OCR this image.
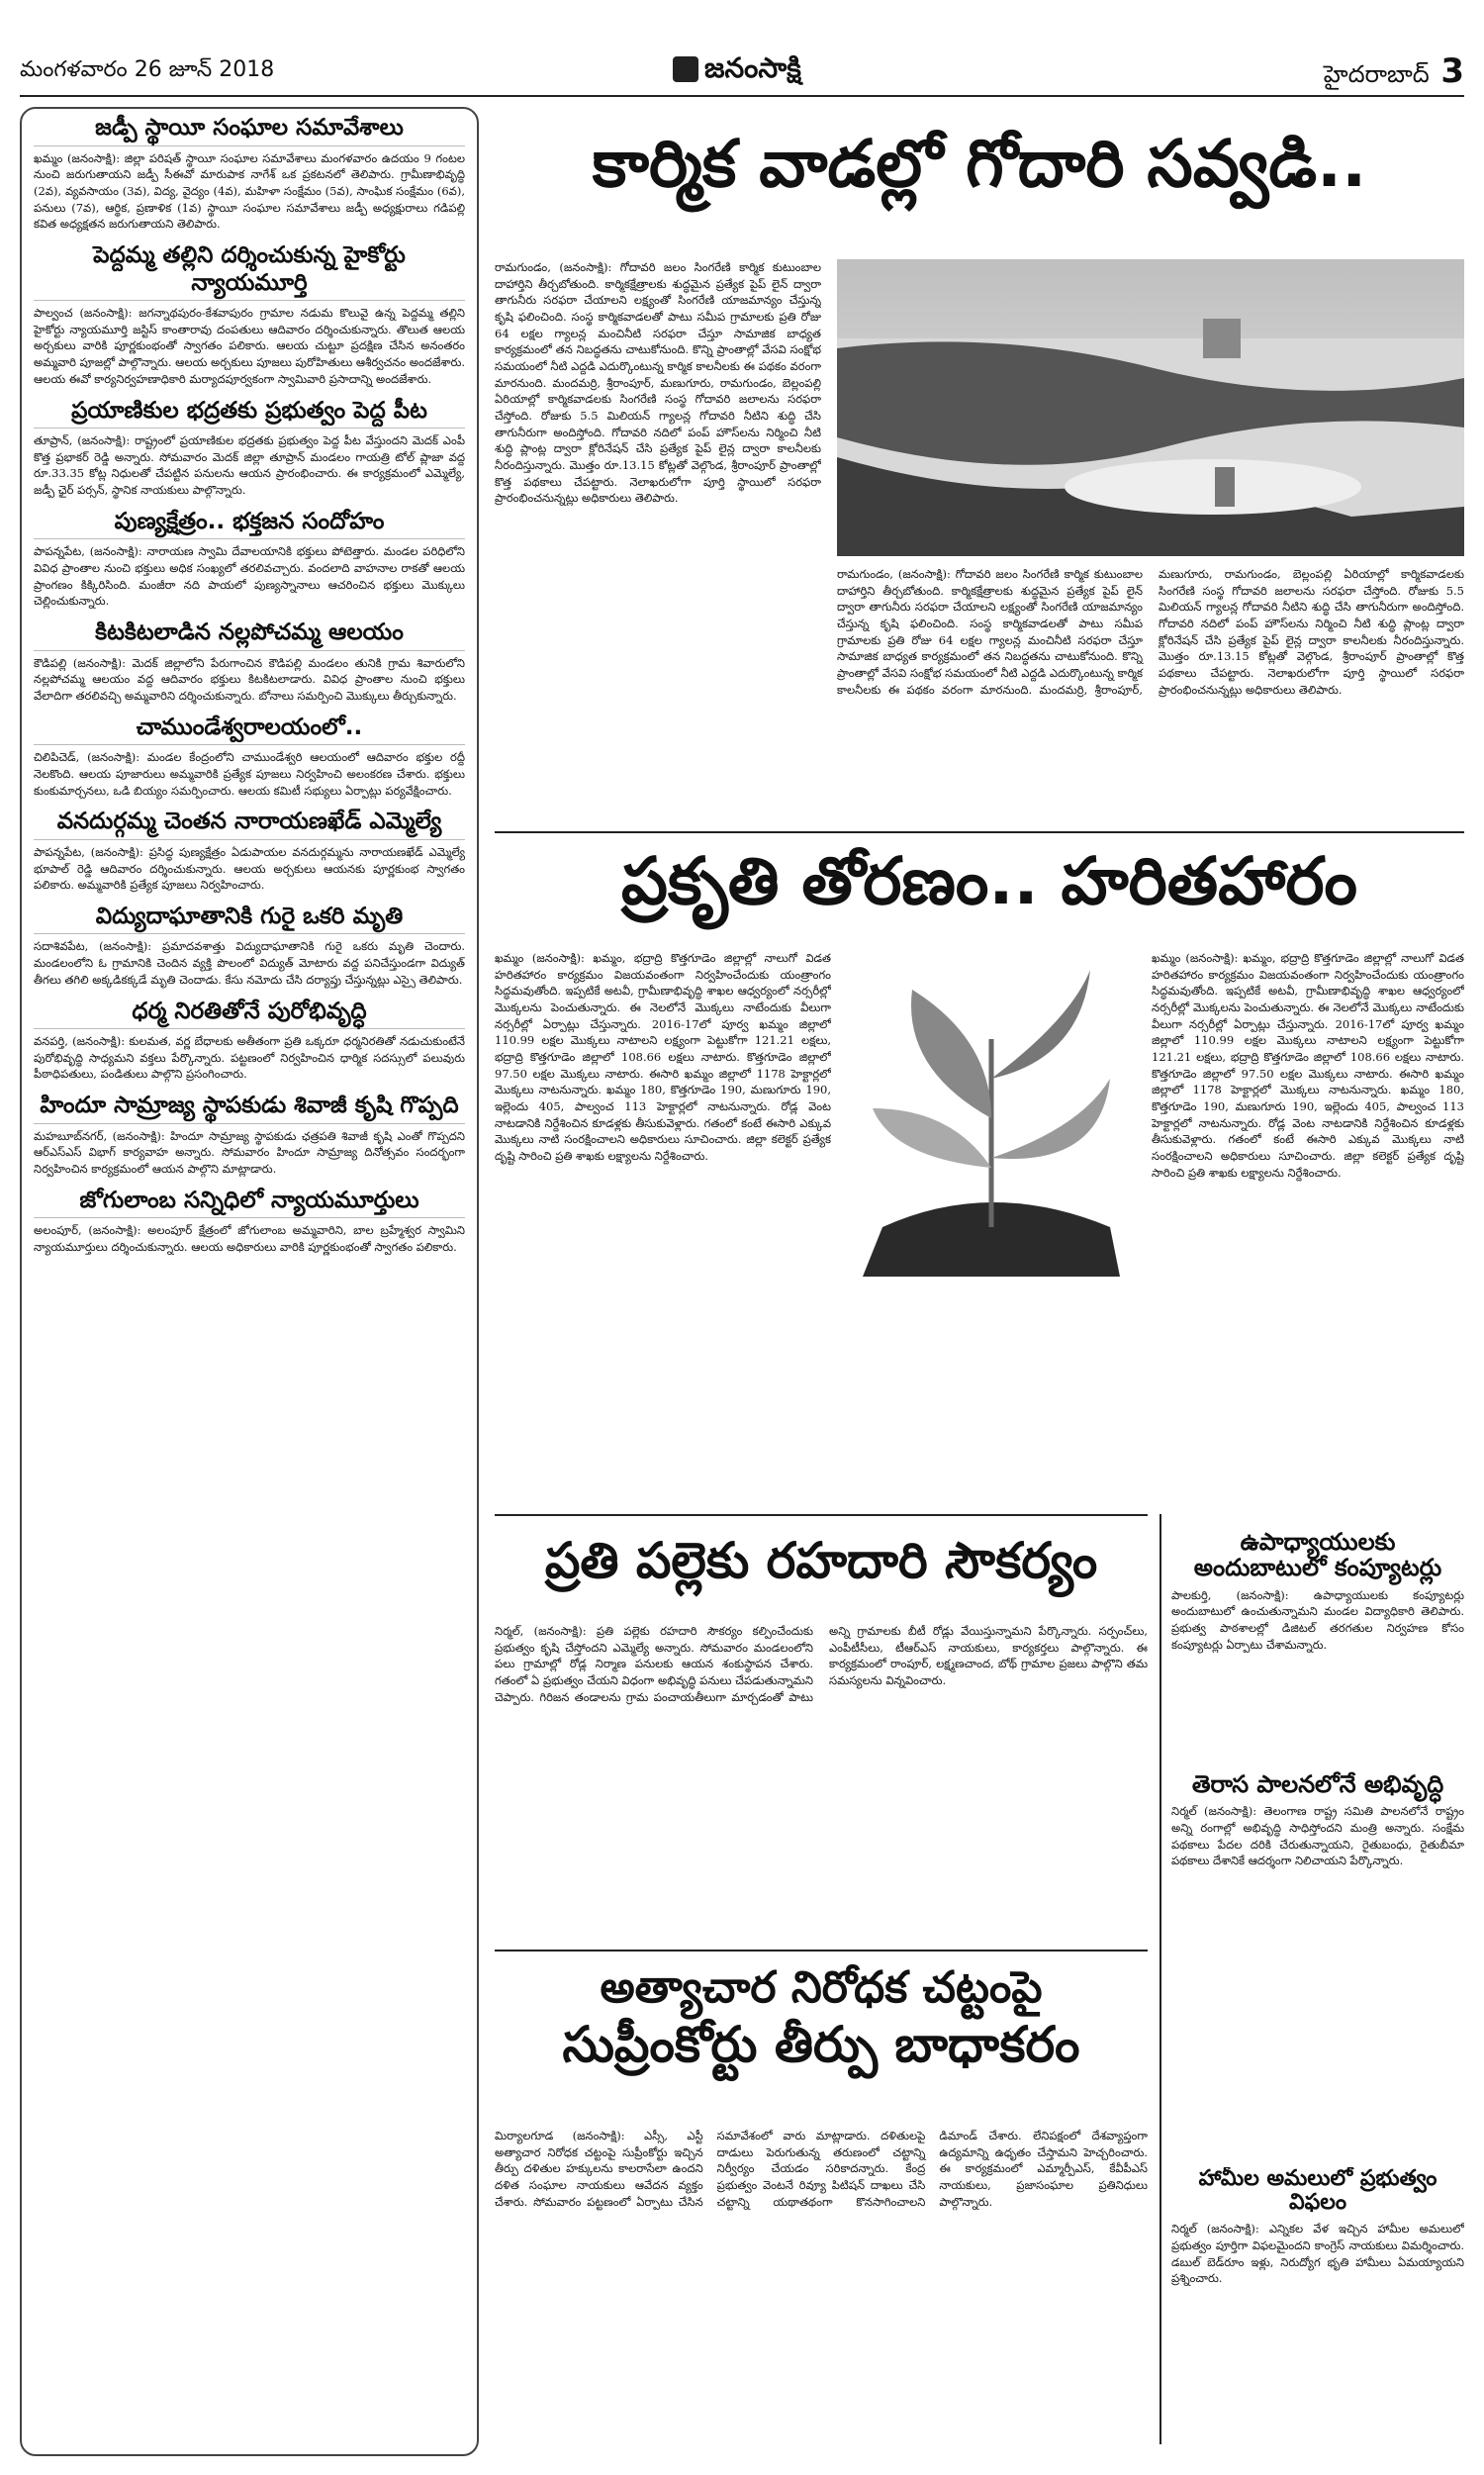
మంగళవారం 26 జూన్ 2018	జనంసాక్షి	హైదరాబాద్ 3
జడ్పీ స్థాయీ సంఘాల సమావేశాలు

ఖమ్మం (జనంసాక్షి): జిల్లా పరిషత్ స్థాయీ సంఘాల సమావేశాలు మంగళవారం ఉదయం 9 గంటల నుంచి జరుగుతాయని జడ్పీ సీఈవో మారుపాక నాగేశ్ ఒక ప్రకటనలో తెలిపారు. గ్రామీణాభివృద్ధి (2వ), వ్యవసాయం (3వ), విద్య, వైద్యం (4వ), మహిళా సంక్షేమం (5వ), సాంఘిక సంక్షేమం (6వ), పనులు (7వ), ఆర్థిక, ప్రణాళిక (1వ) స్థాయీ సంఘాల సమావేశాలు జడ్పీ అధ్యక్షురాలు గడిపల్లి కవిత అధ్యక్షతన జరుగుతాయని తెలిపారు.

పెద్దమ్మ తల్లిని దర్శించుకున్న హైకోర్టు న్యాయమూర్తి

పాల్వంచ (జనంసాక్షి): జగన్నాథపురం-కేశవాపురం గ్రామాల నడుమ కొలువై ఉన్న పెద్దమ్మ తల్లిని హైకోర్టు న్యాయమూర్తి జస్టిస్ కాంతారావు దంపతులు ఆదివారం దర్శించుకున్నారు. తొలుత ఆలయ అర్చకులు వారికి పూర్ణకుంభంతో స్వాగతం పలికారు. ఆలయ చుట్టూ ప్రదక్షిణ చేసిన అనంతరం అమ్మవారి పూజల్లో పాల్గొన్నారు. ఆలయ అర్చకులు పూజలు పురోహితులు ఆశీర్వచనం అందజేశారు. ఆలయ ఈవో కార్యనిర్వహణాధికారి మర్యాదపూర్వకంగా స్వామివారి ప్రసాదాన్ని అందజేశారు.

ప్రయాణికుల భద్రతకు ప్రభుత్వం పెద్ద పీట

తూప్రాన్, (జనంసాక్షి): రాష్ట్రంలో ప్రయాణికుల భద్రతకు ప్రభుత్వం పెద్ద పీట వేస్తుందని మెదక్ ఎంపీ కొత్త ప్రభాకర్ రెడ్డి అన్నారు. సోమవారం మెదక్ జిల్లా తూప్రాన్ మండలం గాయత్రి టోల్ ప్లాజా వద్ద రూ.33.35 కోట్ల నిధులతో చేపట్టిన పనులను ఆయన ప్రారంభించారు. ఈ కార్యక్రమంలో ఎమ్మెల్యే, జడ్పీ ఛైర్ పర్సన్, స్థానిక నాయకులు పాల్గొన్నారు.

పుణ్యక్షేత్రం.. భక్తజన సందోహం

పాపన్నపేట, (జనంసాక్షి): నారాయణ స్వామి దేవాలయానికి భక్తులు పోటెత్తారు. మండల పరిధిలోని వివిధ ప్రాంతాల నుంచి భక్తులు అధిక సంఖ్యలో తరలివచ్చారు. వందలాది వాహనాల రాకతో ఆలయ ప్రాంగణం కిక్కిరిసింది. మంజీరా నది పాయలో పుణ్యస్నానాలు ఆచరించిన భక్తులు మొక్కులు చెల్లించుకున్నారు.

కిటకిటలాడిన నల్లపోచమ్మ ఆలయం

కౌడిపల్లి (జనంసాక్షి): మెదక్ జిల్లాలోని పేరుగాంచిన కౌడిపల్లి మండలం తునికి గ్రామ శివారులోని నల్లపోచమ్మ ఆలయం వద్ద ఆదివారం భక్తులు కిటకిటలాడారు. వివిధ ప్రాంతాల నుంచి భక్తులు వేలాదిగా తరలివచ్చి అమ్మవారిని దర్శించుకున్నారు. బోనాలు సమర్పించి మొక్కులు తీర్చుకున్నారు.

చాముండేశ్వరాలయంలో..

చిలిపిచెడ్, (జనంసాక్షి): మండల కేంద్రంలోని చాముండేశ్వరి ఆలయంలో ఆదివారం భక్తుల రద్దీ నెలకొంది. ఆలయ పూజారులు అమ్మవారికి ప్రత్యేక పూజలు నిర్వహించి అలంకరణ చేశారు. భక్తులు కుంకుమార్చనలు, ఒడి బియ్యం సమర్పించారు. ఆలయ కమిటీ సభ్యులు ఏర్పాట్లు పర్యవేక్షించారు.

వనదుర్గమ్మ చెంతన నారాయణఖేడ్ ఎమ్మెల్యే

పాపన్నపేట, (జనంసాక్షి): ప్రసిద్ధ పుణ్యక్షేత్రం ఏడుపాయల వనదుర్గమ్మను నారాయణఖేడ్ ఎమ్మెల్యే భూపాల్ రెడ్డి ఆదివారం దర్శించుకున్నారు. ఆలయ అర్చకులు ఆయనకు పూర్ణకుంభ స్వాగతం పలికారు. అమ్మవారికి ప్రత్యేక పూజలు నిర్వహించారు.

విద్యుదాఘాతానికి గురై ఒకరి మృతి

సదాశివపేట, (జనంసాక్షి): ప్రమాదవశాత్తు విద్యుదాఘాతానికి గురై ఒకరు మృతి చెందారు. మండలంలోని ఓ గ్రామానికి చెందిన వ్యక్తి పొలంలో విద్యుత్ మోటారు వద్ద పనిచేస్తుండగా విద్యుత్ తీగలు తగిలి అక్కడికక్కడే మృతి చెందాడు. కేసు నమోదు చేసి దర్యాప్తు చేస్తున్నట్లు ఎస్సై తెలిపారు.

ధర్మ నిరతితోనే పురోభివృద్ధి

వనపర్తి, (జనంసాక్షి): కులమత, వర్ణ బేధాలకు అతీతంగా ప్రతి ఒక్కరూ ధర్మనిరతితో నడుచుకుంటేనే పురోభివృద్ధి సాధ్యమని వక్తలు పేర్కొన్నారు. పట్టణంలో నిర్వహించిన ధార్మిక సదస్సులో పలువురు పీఠాధిపతులు, పండితులు పాల్గొని ప్రసంగించారు.

హిందూ సామ్రాజ్య స్థాపకుడు శివాజీ కృషి గొప్పది

మహబూబ్‌నగర్, (జనంసాక్షి): హిందూ సామ్రాజ్య స్థాపకుడు ఛత్రపతి శివాజీ కృషి ఎంతో గొప్పదని ఆర్‌ఎస్‌ఎస్ విభాగ్ కార్యవాహ అన్నారు. సోమవారం హిందూ సామ్రాజ్య దినోత్సవం సందర్భంగా నిర్వహించిన కార్యక్రమంలో ఆయన పాల్గొని మాట్లాడారు.

జోగులాంబ సన్నిధిలో న్యాయమూర్తులు

అలంపూర్, (జనంసాక్షి): అలంపూర్ క్షేత్రంలో జోగులాంబ అమ్మవారిని, బాల బ్రహ్మేశ్వర స్వామిని న్యాయమూర్తులు దర్శించుకున్నారు. ఆలయ అధికారులు వారికి పూర్ణకుంభంతో స్వాగతం పలికారు.

కార్మిక వాడల్లో గోదారి సవ్వడి..

రామగుండం, (జనంసాక్షి): గోదావరి జలం సింగరేణి కార్మిక కుటుంబాల దాహార్తిని తీర్చబోతుంది. కార్మికక్షేత్రాలకు శుద్ధమైన ప్రత్యేక పైప్ లైన్ ద్వారా తాగునీరు సరఫరా చేయాలని లక్ష్యంతో సింగరేణి యాజమాన్యం చేస్తున్న కృషి ఫలించింది. సంస్థ కార్మికవాడలతో పాటు సమీప గ్రామాలకు ప్రతి రోజు 64 లక్షల గ్యాలన్ల మంచినీటి సరఫరా చేస్తూ సామాజిక బాధ్యత కార్యక్రమంలో తన నిబద్ధతను చాటుకోనుంది. కొన్ని ప్రాంతాల్లో వేసవి సంక్షోభ సమయంలో నీటి ఎద్దడి ఎదుర్కొంటున్న కార్మిక కాలనీలకు ఈ పథకం వరంగా మారనుంది. మందమర్రి, శ్రీరాంపూర్, మణుగూరు, రామగుండం, బెల్లంపల్లి ఏరియాల్లో కార్మికవాడలకు సింగరేణి సంస్థ గోదావరి జలాలను సరఫరా చేస్తోంది. రోజుకు 5.5 మిలియన్ గ్యాలన్ల గోదావరి నీటిని శుద్ధి చేసి తాగునీరుగా అందిస్తోంది. గోదావరి నదిలో పంప్ హౌస్‌లను నిర్మించి నీటి శుద్ధి ప్లాంట్ల ద్వారా క్లోరినేషన్ చేసి ప్రత్యేక పైప్ లైన్ల ద్వారా కాలనీలకు నీరందిస్తున్నారు. మొత్తం రూ.13.15 కోట్లతో వెల్గొండ, శ్రీరాంపూర్ ప్రాంతాల్లో కొత్త పథకాలు చేపట్టారు. నెలాఖరులోగా పూర్తి స్థాయిలో సరఫరా ప్రారంభించనున్నట్లు అధికారులు తెలిపారు.

రామగుండం, (జనంసాక్షి): గోదావరి జలం సింగరేణి కార్మిక కుటుంబాల దాహార్తిని తీర్చబోతుంది. కార్మికక్షేత్రాలకు శుద్ధమైన ప్రత్యేక పైప్ లైన్ ద్వారా తాగునీరు సరఫరా చేయాలని లక్ష్యంతో సింగరేణి యాజమాన్యం చేస్తున్న కృషి ఫలించింది. సంస్థ కార్మికవాడలతో పాటు సమీప గ్రామాలకు ప్రతి రోజు 64 లక్షల గ్యాలన్ల మంచినీటి సరఫరా చేస్తూ సామాజిక బాధ్యత కార్యక్రమంలో తన నిబద్ధతను చాటుకోనుంది. కొన్ని ప్రాంతాల్లో వేసవి సంక్షోభ సమయంలో నీటి ఎద్దడి ఎదుర్కొంటున్న కార్మిక కాలనీలకు ఈ పథకం వరంగా మారనుంది. మందమర్రి, శ్రీరాంపూర్, మణుగూరు, రామగుండం, బెల్లంపల్లి ఏరియాల్లో కార్మికవాడలకు సింగరేణి సంస్థ గోదావరి జలాలను సరఫరా చేస్తోంది. రోజుకు 5.5 మిలియన్ గ్యాలన్ల గోదావరి నీటిని శుద్ధి చేసి తాగునీరుగా అందిస్తోంది. గోదావరి నదిలో పంప్ హౌస్‌లను నిర్మించి నీటి శుద్ధి ప్లాంట్ల ద్వారా క్లోరినేషన్ చేసి ప్రత్యేక పైప్ లైన్ల ద్వారా కాలనీలకు నీరందిస్తున్నారు. మొత్తం రూ.13.15 కోట్లతో వెల్గొండ, శ్రీరాంపూర్ ప్రాంతాల్లో కొత్త పథకాలు చేపట్టారు. నెలాఖరులోగా పూర్తి స్థాయిలో సరఫరా ప్రారంభించనున్నట్లు అధికారులు తెలిపారు.

ప్రకృతి తోరణం.. హరితహారం

ఖమ్మం (జనంసాక్షి): ఖమ్మం, భద్రాద్రి కొత్తగూడెం జిల్లాల్లో నాలుగో విడత హరితహారం కార్యక్రమం విజయవంతంగా నిర్వహించేందుకు యంత్రాంగం సిద్ధమవుతోంది. ఇప్పటికే అటవీ, గ్రామీణాభివృద్ధి శాఖల ఆధ్వర్యంలో నర్సరీల్లో మొక్కలను పెంచుతున్నారు. ఈ నెలలోనే మొక్కలు నాటేందుకు వీలుగా నర్సరీల్లో ఏర్పాట్లు చేస్తున్నారు. 2016-17లో పూర్వ ఖమ్మం జిల్లాలో 110.99 లక్షల మొక్కలు నాటాలని లక్ష్యంగా పెట్టుకోగా 121.21 లక్షలు, భద్రాద్రి కొత్తగూడెం జిల్లాలో 108.66 లక్షలు నాటారు. కొత్తగూడెం జిల్లాలో 97.50 లక్షల మొక్కలు నాటారు. ఈసారి ఖమ్మం జిల్లాలో 1178 హెక్టార్లలో మొక్కలు నాటనున్నారు. ఖమ్మం 180, కొత్తగూడెం 190, మణుగూరు 190, ఇల్లెందు 405, పాల్వంచ 113 హెక్టార్లలో నాటనున్నారు. రోడ్ల వెంట నాటడానికి నిర్దేశించిన కూడళ్లకు తీసుకువెళ్లారు. గతంలో కంటే ఈసారి ఎక్కువ మొక్కలు నాటి సంరక్షించాలని అధికారులు సూచించారు. జిల్లా కలెక్టర్ ప్రత్యేక దృష్టి సారించి ప్రతి శాఖకు లక్ష్యాలను నిర్దేశించారు.

ఖమ్మం (జనంసాక్షి): ఖమ్మం, భద్రాద్రి కొత్తగూడెం జిల్లాల్లో నాలుగో విడత హరితహారం కార్యక్రమం విజయవంతంగా నిర్వహించేందుకు యంత్రాంగం సిద్ధమవుతోంది. ఇప్పటికే అటవీ, గ్రామీణాభివృద్ధి శాఖల ఆధ్వర్యంలో నర్సరీల్లో మొక్కలను పెంచుతున్నారు. ఈ నెలలోనే మొక్కలు నాటేందుకు వీలుగా నర్సరీల్లో ఏర్పాట్లు చేస్తున్నారు. 2016-17లో పూర్వ ఖమ్మం జిల్లాలో 110.99 లక్షల మొక్కలు నాటాలని లక్ష్యంగా పెట్టుకోగా 121.21 లక్షలు, భద్రాద్రి కొత్తగూడెం జిల్లాలో 108.66 లక్షలు నాటారు. కొత్తగూడెం జిల్లాలో 97.50 లక్షల మొక్కలు నాటారు. ఈసారి ఖమ్మం జిల్లాలో 1178 హెక్టార్లలో మొక్కలు నాటనున్నారు. ఖమ్మం 180, కొత్తగూడెం 190, మణుగూరు 190, ఇల్లెందు 405, పాల్వంచ 113 హెక్టార్లలో నాటనున్నారు. రోడ్ల వెంట నాటడానికి నిర్దేశించిన కూడళ్లకు తీసుకువెళ్లారు. గతంలో కంటే ఈసారి ఎక్కువ మొక్కలు నాటి సంరక్షించాలని అధికారులు సూచించారు. జిల్లా కలెక్టర్ ప్రత్యేక దృష్టి సారించి ప్రతి శాఖకు లక్ష్యాలను నిర్దేశించారు.

ప్రతి పల్లెకు రహదారి సౌకర్యం

నిర్మల్, (జనంసాక్షి): ప్రతి పల్లెకు రహదారి సౌకర్యం కల్పించేందుకు ప్రభుత్వం కృషి చేస్తోందని ఎమ్మెల్యే అన్నారు. సోమవారం మండలంలోని పలు గ్రామాల్లో రోడ్ల నిర్మాణ పనులకు ఆయన శంకుస్థాపన చేశారు. గతంలో ఏ ప్రభుత్వం చేయని విధంగా అభివృద్ధి పనులు చేపడుతున్నామని చెప్పారు. గిరిజన తండాలను గ్రామ పంచాయతీలుగా మార్చడంతో పాటు అన్ని గ్రామాలకు బీటీ రోడ్లు వేయిస్తున్నామని పేర్కొన్నారు. సర్పంచ్‌లు, ఎంపీటీసీలు, టీఆర్‌ఎస్ నాయకులు, కార్యకర్తలు పాల్గొన్నారు. ఈ కార్యక్రమంలో రాంపూర్, లక్ష్మణచాంద, బోథ్ గ్రామాల ప్రజలు పాల్గొని తమ సమస్యలను విన్నవించారు.

అత్యాచార నిరోధక చట్టంపై
సుప్రీంకోర్టు తీర్పు బాధాకరం

మిర్యాలగూడ (జనంసాక్షి): ఎస్సీ, ఎస్టీ అత్యాచార నిరోధక చట్టంపై సుప్రీంకోర్టు ఇచ్చిన తీర్పు దళితుల హక్కులను కాలరాసేలా ఉందని దళిత సంఘాల నాయకులు ఆవేదన వ్యక్తం చేశారు. సోమవారం పట్టణంలో ఏర్పాటు చేసిన సమావేశంలో వారు మాట్లాడారు. దళితులపై దాడులు పెరుగుతున్న తరుణంలో చట్టాన్ని నిర్వీర్యం చేయడం సరికాదన్నారు. కేంద్ర ప్రభుత్వం వెంటనే రివ్యూ పిటిషన్ దాఖలు చేసి చట్టాన్ని యథాతథంగా కొనసాగించాలని డిమాండ్ చేశారు. లేనిపక్షంలో దేశవ్యాప్తంగా ఉద్యమాన్ని ఉధృతం చేస్తామని హెచ్చరించారు. ఈ కార్యక్రమంలో ఎమ్మార్పీఎస్, కేవీపీఎస్ నాయకులు, ప్రజాసంఘాల ప్రతినిధులు పాల్గొన్నారు.

ఉపాధ్యాయులకు
అందుబాటులో కంప్యూటర్లు

పాలకుర్తి, (జనంసాక్షి): ఉపాధ్యాయులకు కంప్యూటర్లు అందుబాటులో ఉంచుతున్నామని మండల విద్యాధికారి తెలిపారు. ప్రభుత్వ పాఠశాలల్లో డిజిటల్ తరగతుల నిర్వహణ కోసం కంప్యూటర్లు ఏర్పాటు చేశామన్నారు.

తెరాస పాలనలోనే అభివృద్ధి

నిర్మల్ (జనంసాక్షి): తెలంగాణ రాష్ట్ర సమితి పాలనలోనే రాష్ట్రం అన్ని రంగాల్లో అభివృద్ధి సాధిస్తోందని మంత్రి అన్నారు. సంక్షేమ పథకాలు పేదల దరికి చేరుతున్నాయని, రైతుబంధు, రైతుబీమా పథకాలు దేశానికే ఆదర్శంగా నిలిచాయని పేర్కొన్నారు.

హామీల అమలులో ప్రభుత్వం విఫలం

నిర్మల్ (జనంసాక్షి): ఎన్నికల వేళ ఇచ్చిన హామీల అమలులో ప్రభుత్వం పూర్తిగా విఫలమైందని కాంగ్రెస్ నాయకులు విమర్శించారు. డబుల్ బెడ్‌రూం ఇళ్లు, నిరుద్యోగ భృతి హామీలు ఏమయ్యాయని ప్రశ్నించారు.
